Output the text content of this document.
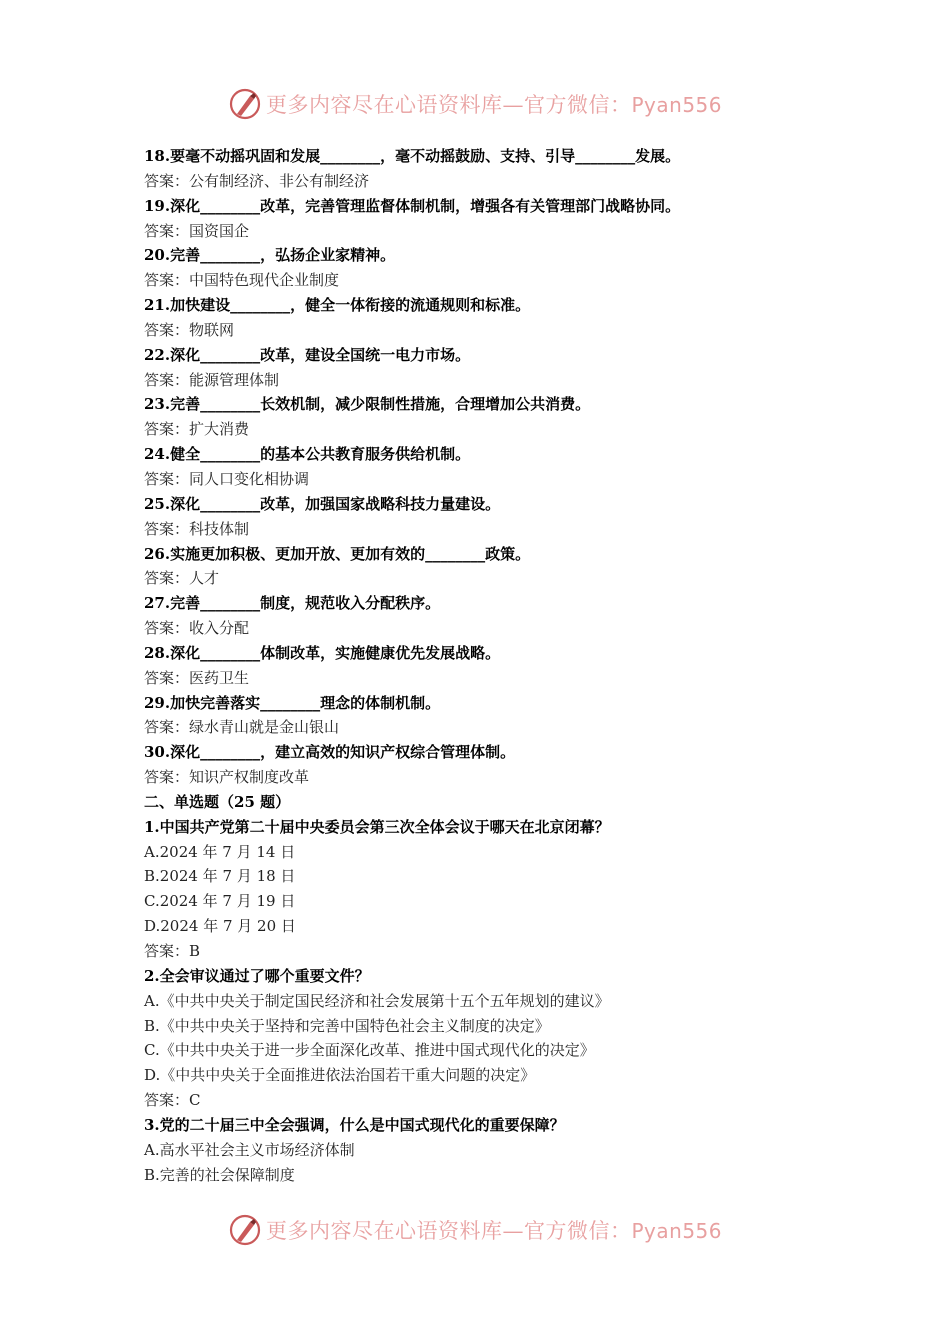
更多内容尽在心语资料库—官方微信：Pyan556
18.要毫不动摇巩固和发展________，毫不动摇鼓励、支持、引导________发展。
答案：公有制经济、非公有制经济
19.深化________改革，完善管理监督体制机制，增强各有关管理部门战略协同。
答案：国资国企
20.完善________，弘扬企业家精神。
答案：中国特色现代企业制度
21.加快建设________，健全一体衔接的流通规则和标准。
答案：物联网
22.深化________改革，建设全国统一电力市场。
答案：能源管理体制
23.完善________长效机制，减少限制性措施，合理增加公共消费。
答案：扩大消费
24.健全________的基本公共教育服务供给机制。
答案：同人口变化相协调
25.深化________改革，加强国家战略科技力量建设。
答案：科技体制
26.实施更加积极、更加开放、更加有效的________政策。
答案：人才
27.完善________制度，规范收入分配秩序。
答案：收入分配
28.深化________体制改革，实施健康优先发展战略。
答案：医药卫生
29.加快完善落实________理念的体制机制。
答案：绿水青山就是金山银山
30.深化________，建立高效的知识产权综合管理体制。
答案：知识产权制度改革
二、单选题（25 题）
1.中国共产党第二十届中央委员会第三次全体会议于哪天在北京闭幕？
A.2024 年 7 月 14 日
B.2024 年 7 月 18 日
C.2024 年 7 月 19 日
D.2024 年 7 月 20 日
答案：B
2.全会审议通过了哪个重要文件？
A.《中共中央关于制定国民经济和社会发展第十五个五年规划的建议》
B.《中共中央关于坚持和完善中国特色社会主义制度的决定》
C.《中共中央关于进一步全面深化改革、推进中国式现代化的决定》
D.《中共中央关于全面推进依法治国若干重大问题的决定》
答案：C
3.党的二十届三中全会强调，什么是中国式现代化的重要保障？
A.高水平社会主义市场经济体制
B.完善的社会保障制度
更多内容尽在心语资料库—官方微信：Pyan556
